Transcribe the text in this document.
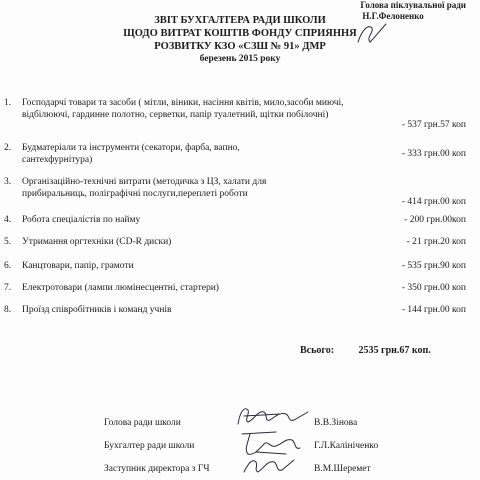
Голова піклувальної ради
Н.Г.Фелоненко
ЗВІТ БУХГАЛТЕРА РАДИ ШКОЛИ
ЩОДО ВИТРАТ КОШТІВ ФОНДУ СПРИЯННЯ
РОЗВИТКУ КЗО «СЗШ № 91» ДМР
березень 2015 року
1. Господарчі товари та засоби ( мітли, віники, насіння квітів, мило,засоби миючі, відбілюючі, гардинне полотно, серветки, папір туалетний, щітки побілочні)
- 537 грн.57 коп
2. Будматеріали та інструменти (секатори, фарба, вапно, сантехфурнітура)
- 333 грн.00 коп
3. Організаційно-технічні витрати (методичка з ЦЗ, халати для прибиральниць, поліграфічні послуги,переплеті роботи
- 414 грн.00 коп
4. Робота спеціалістів по найму	- 200 грн.00коп
5. Утримання оргтехніки (CD-R диски)	- 21 грн.20 коп
6. Канцтовари, папір, грамоти	- 535 грн.90 коп
7. Електротовари (лампи люмінесцентні, стартери)	- 350 грн.00 коп
8. Проїзд співробітників і команд учнів	- 144 грн.00 коп
Всього: 2535 грн.67 коп.
Голова ради школи	В.В.Зінова
Бухгалтер ради школи	Г.Л.Калініченко
Заступник директора з ГЧ	В.М.Шеремет
